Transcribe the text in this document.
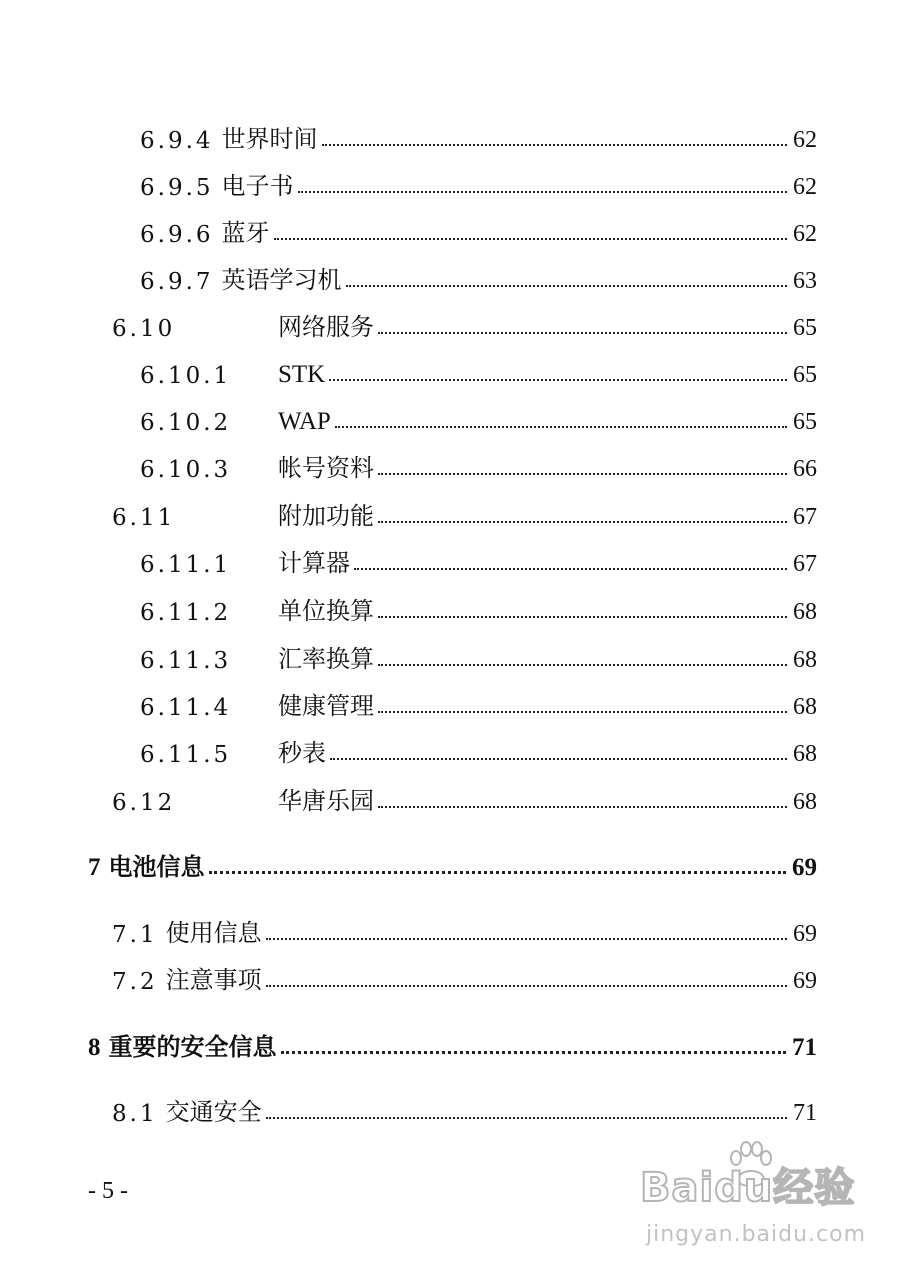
6.9.4 世界时间	62
6.9.5 电子书	62
6.9.6 蓝牙	62
6.9.7 英语学习机	63
6.10	网络服务	65
6.10.1	STK	65
6.10.2	WAP	65
6.10.3	帐号资料	66
6.11	附加功能	67
6.11.1	计算器	67
6.11.2	单位换算	68
6.11.3	汇率换算	68
6.11.4	健康管理	68
6.11.5	秒表	68
6.12	华唐乐园	68
7 电池信息	69
7.1 使用信息	69
7.2 注意事项	69
8 重要的安全信息	71
8.1 交通安全	71
- 5 -	Baidu经验
jingyan.baidu.com
